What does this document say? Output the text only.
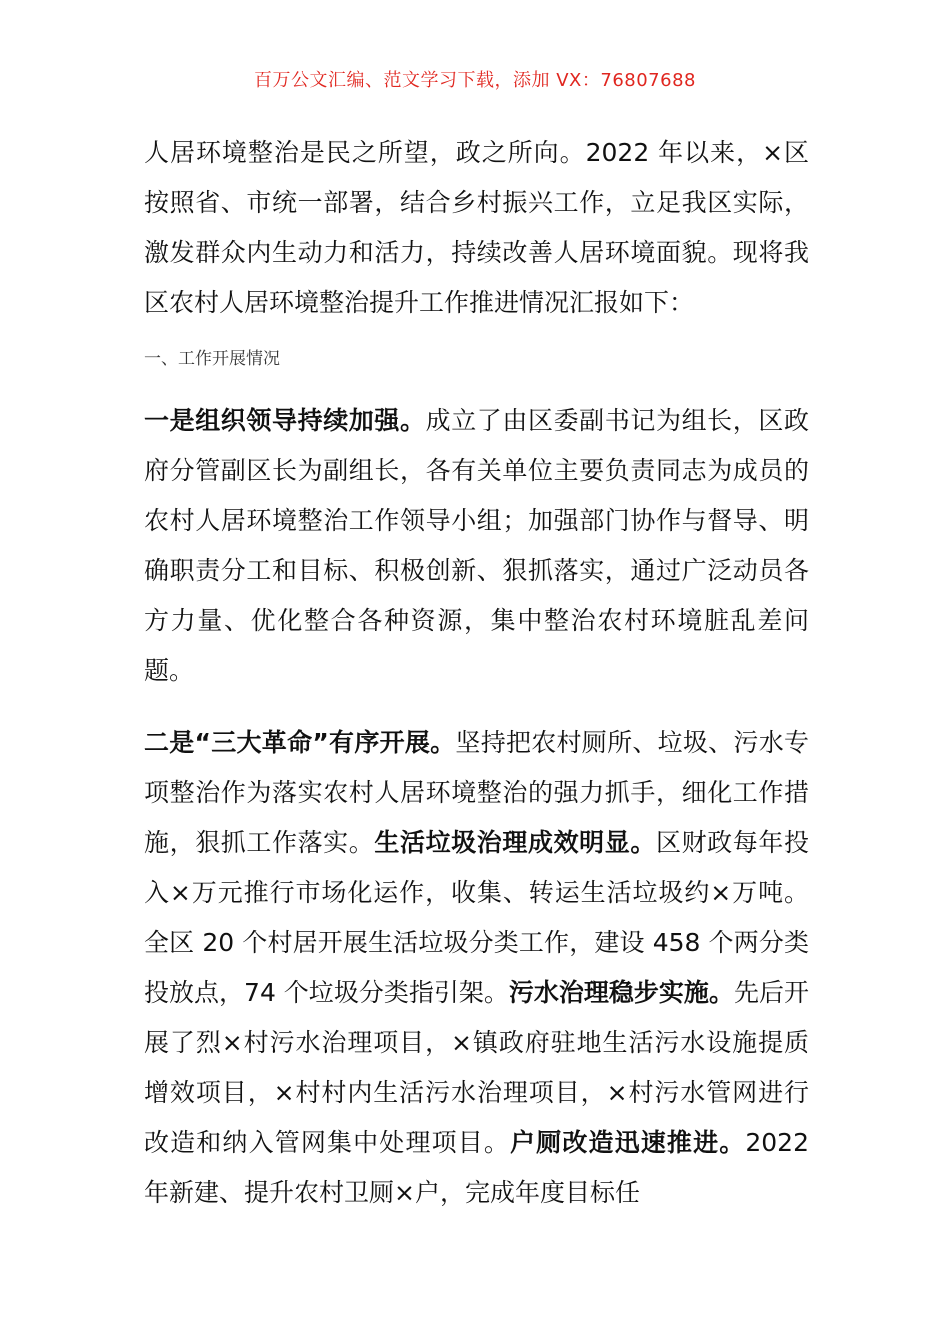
百万公文汇编、范文学习下载，添加 VX：76807688

人居环境整治是民之所望，政之所向。2022 年以来，×区按照省、市统一部署，结合乡村振兴工作，立足我区实际，激发群众内生动力和活力，持续改善人居环境面貌。现将我区农村人居环境整治提升工作推进情况汇报如下：

一、工作开展情况

一是组织领导持续加强。成立了由区委副书记为组长，区政府分管副区长为副组长，各有关单位主要负责同志为成员的农村人居环境整治工作领导小组；加强部门协作与督导、明确职责分工和目标、积极创新、狠抓落实，通过广泛动员各方力量、优化整合各种资源，集中整治农村环境脏乱差问题。

二是“三大革命”有序开展。坚持把农村厕所、垃圾、污水专项整治作为落实农村人居环境整治的强力抓手，细化工作措施，狠抓工作落实。生活垃圾治理成效明显。区财政每年投入×万元推行市场化运作，收集、转运生活垃圾约×万吨。全区 20 个村居开展生活垃圾分类工作，建设 458 个两分类投放点，74 个垃圾分类指引架。污水治理稳步实施。先后开展了烈×村污水治理项目，×镇政府驻地生活污水设施提质增效项目，×村村内生活污水治理项目，×村污水管网进行改造和纳入管网集中处理项目。户厕改造迅速推进。2022 年新建、提升农村卫厕×户，完成年度目标任
